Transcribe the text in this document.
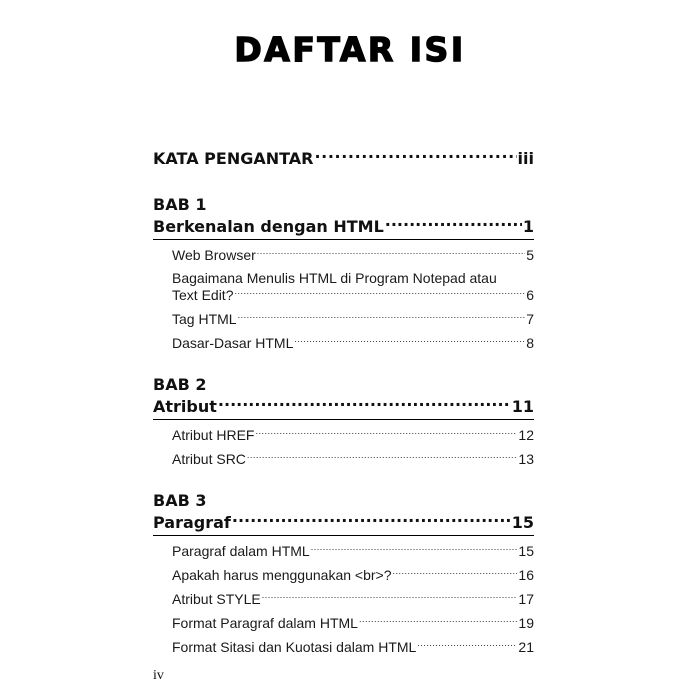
DAFTAR ISI
KATA PENGANTAR .....	iii
BAB 1
Berkenalan dengan HTML .....	1
Web Browser .....	5
Bagaimana Menulis HTML di Program Notepad atau
Text Edit? .....	6
Tag HTML .....	7
Dasar-Dasar HTML .....	8
BAB 2
Atribut .....	11
Atribut HREF .....	12
Atribut SRC .....	13
BAB 3
Paragraf .....	15
Paragraf dalam HTML .....	15
Apakah harus menggunakan <br>? .....	16
Atribut STYLE .....	17
Format Paragraf dalam HTML .....	19
Format Sitasi dan Kuotasi dalam HTML .....	21
iv
